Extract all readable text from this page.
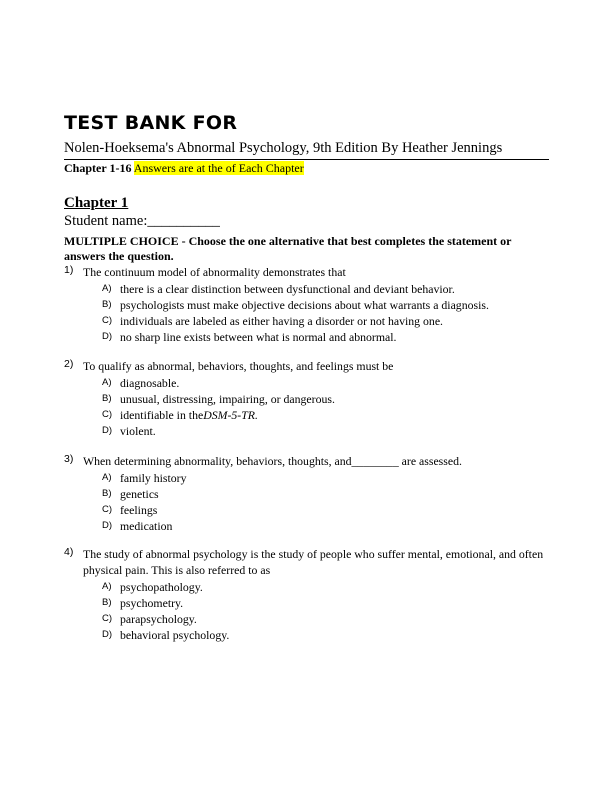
TEST BANK FOR
Nolen-Hoeksema's Abnormal Psychology, 9th Edition By Heather Jennings
Chapter 1-16 Answers are at the of Each Chapter
Chapter 1
Student name:__________
MULTIPLE CHOICE - Choose the one alternative that best completes the statement or answers the question.
1) The continuum model of abnormality demonstrates that
A) there is a clear distinction between dysfunctional and deviant behavior.
B) psychologists must make objective decisions about what warrants a diagnosis.
C) individuals are labeled as either having a disorder or not having one.
D) no sharp line exists between what is normal and abnormal.
2) To qualify as abnormal, behaviors, thoughts, and feelings must be
A) diagnosable.
B) unusual, distressing, impairing, or dangerous.
C) identifiable in theDSM-5-TR.
D) violent.
3) When determining abnormality, behaviors, thoughts, and________ are assessed.
A) family history
B) genetics
C) feelings
D) medication
4) The study of abnormal psychology is the study of people who suffer mental, emotional, and often physical pain. This is also referred to as
A) psychopathology.
B) psychometry.
C) parapsychology.
D) behavioral psychology.
